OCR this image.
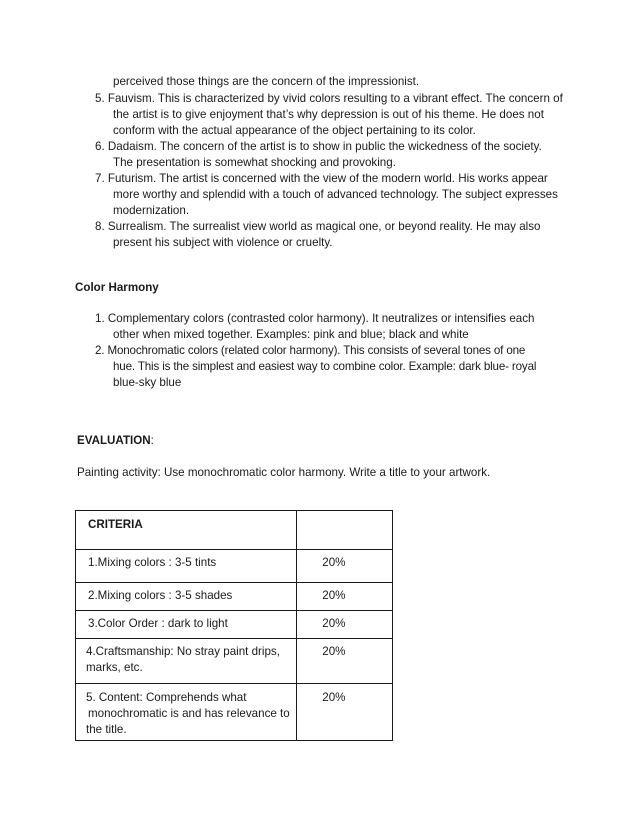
perceived those things are the concern of the impressionist.

5. Fauvism. This is characterized by vivid colors resulting to a vibrant effect. The concern of

the artist is to give enjoyment that’s why depression is out of his theme. He does not

conform with the actual appearance of the object pertaining to its color.

6. Dadaism. The concern of the artist is to show in public the wickedness of the society.

The presentation is somewhat shocking and provoking.

7. Futurism. The artist is concerned with the view of the modern world. His works appear

more worthy and splendid with a touch of advanced technology. The subject expresses

modernization.

8. Surrealism. The surrealist view world as magical one, or beyond reality. He may also

present his subject with violence or cruelty.

Color Harmony

1. Complementary colors (contrasted color harmony). It neutralizes or intensifies each

other when mixed together. Examples: pink and blue; black and white

2. Monochromatic colors (related color harmony). This consists of several tones of one

hue. This is the simplest and easiest way to combine color. Example: dark blue- royal

blue-sky blue

EVALUATION:

Painting activity: Use monochromatic color harmony. Write a title to your artwork.

CRITERIA	

1.Mixing colors : 3-5 tints	20%

2.Mixing colors : 3-5 shades	20%

3.Color Order : dark to light	20%

4.Craftsmanship: No stray paint drips,
marks, etc.	20%

5. Content: Comprehends what
monochromatic is and has relevance to
the title.	20%
